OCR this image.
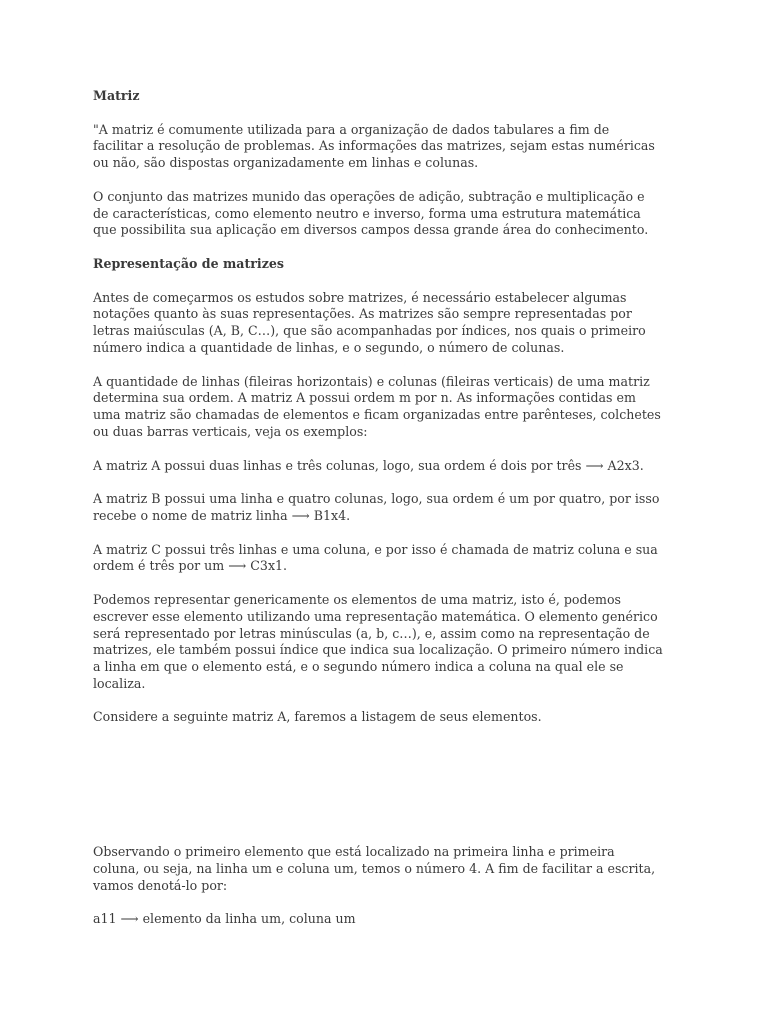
Matriz

"A matriz é comumente utilizada para a organização de dados tabulares a fim de facilitar a resolução de problemas. As informações das matrizes, sejam estas numéricas ou não, são dispostas organizadamente em linhas e colunas.

O conjunto das matrizes munido das operações de adição, subtração e multiplicação e de características, como elemento neutro e inverso, forma uma estrutura matemática que possibilita sua aplicação em diversos campos dessa grande área do conhecimento.

Representação de matrizes

Antes de começarmos os estudos sobre matrizes, é necessário estabelecer algumas notações quanto às suas representações. As matrizes são sempre representadas por letras maiúsculas (A, B, C…), que são acompanhadas por índices, nos quais o primeiro número indica a quantidade de linhas, e o segundo, o número de colunas.

A quantidade de linhas (fileiras horizontais) e colunas (fileiras verticais) de uma matriz determina sua ordem. A matriz A possui ordem m por n. As informações contidas em uma matriz são chamadas de elementos e ficam organizadas entre parênteses, colchetes ou duas barras verticais, veja os exemplos:

A matriz A possui duas linhas e três colunas, logo, sua ordem é dois por três ⟶ A2x3.

A matriz B possui uma linha e quatro colunas, logo, sua ordem é um por quatro, por isso recebe o nome de matriz linha ⟶ B1x4.

A matriz C possui três linhas e uma coluna, e por isso é chamada de matriz coluna e sua ordem é três por um ⟶ C3x1.

Podemos representar genericamente os elementos de uma matriz, isto é, podemos escrever esse elemento utilizando uma representação matemática. O elemento genérico será representado por letras minúsculas (a, b, c…), e, assim como na representação de matrizes, ele também possui índice que indica sua localização. O primeiro número indica a linha em que o elemento está, e o segundo número indica a coluna na qual ele se localiza.

Considere a seguinte matriz A, faremos a listagem de seus elementos.

Observando o primeiro elemento que está localizado na primeira linha e primeira coluna, ou seja, na linha um e coluna um, temos o número 4. A fim de facilitar a escrita, vamos denotá-lo por:

a11 ⟶ elemento da linha um, coluna um
